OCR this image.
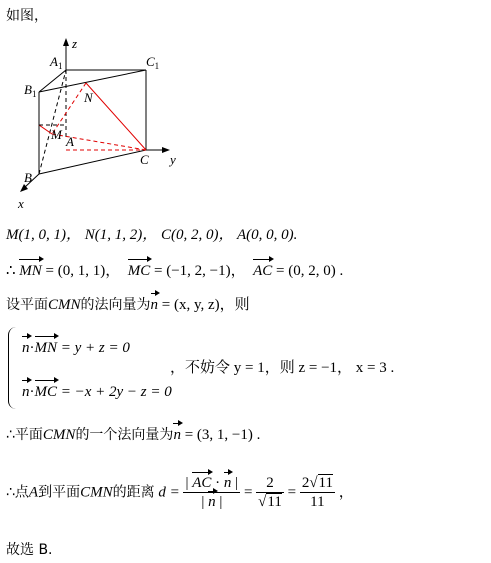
如图，
z
y
x
$A_1$	$C_1$
$B_1$	N
M A
C
B
M(1, 0, 1)， N(1, 1, 2)， C(0, 2, 0)， A(0, 0, 0).
∴ MN = (0, 1, 1)， MC = (−1, 2, −1)， AC = (0, 2, 0) .
设平面CMN的法向量为n = (x, y, z)，则
n·MN = y + z = 0
n·MC = −x + 2y − z = 0
，不妨令 y = 1，则 z = −1， x = 3 .
∴平面CMN的一个法向量为n = (3, 1, −1) .
∴点A到平面CMN的距离 $d = \frac{| AC \cdot n |}{| n |} = \frac{2}{√11} = \frac{2√11}{11}$ ，
故选 B.
